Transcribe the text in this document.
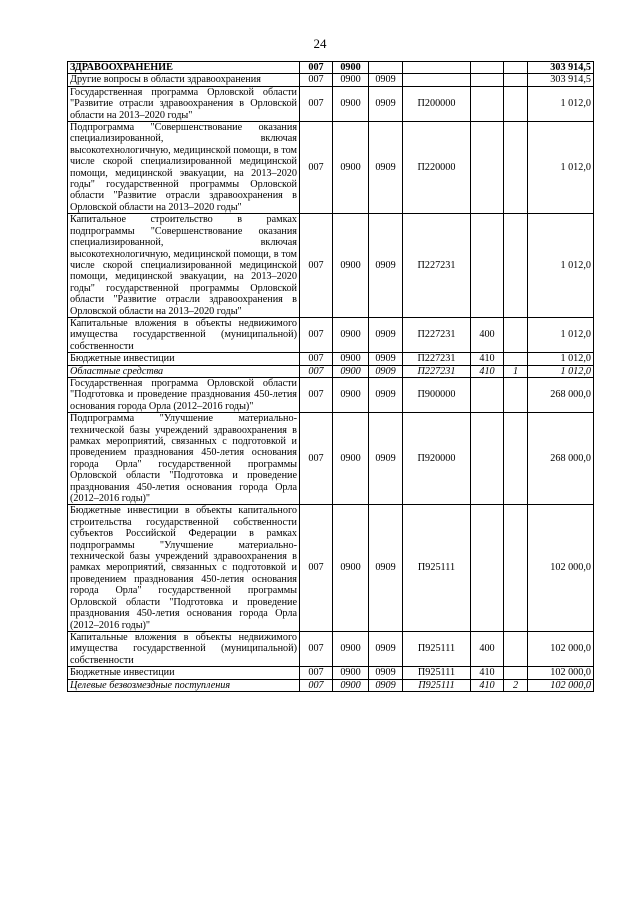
24
ЗДРАВООХРАНЕНИЕ	007	0900					303 914,5
Другие вопросы в области здравоохранения	007	0900	0909				303 914,5
Государственная программа Орловской области "Развитие отрасли здравоохранения в Орловской области на 2013–2020 годы"	007	0900	0909	П200000			1 012,0
Подпрограмма "Совершенствование оказания специализированной, включая высокотехнологичную, медицинской помощи, в том числе скорой специализированной медицинской помощи, медицинской эвакуации, на 2013–2020 годы" государственной программы Орловской области "Развитие отрасли здравоохранения в Орловской области на 2013–2020 годы"	007	0900	0909	П220000			1 012,0
Капитальное строительство в рамках подпрограммы "Совершенствование оказания специализированной, включая высокотехнологичную, медицинской помощи, в том числе скорой специализированной медицинской помощи, медицинской эвакуации, на 2013–2020 годы" государственной программы Орловской области "Развитие отрасли здравоохранения в Орловской области на 2013–2020 годы"	007	0900	0909	П227231			1 012,0
Капитальные вложения в объекты недвижимого имущества государственной (муниципальной) собственности	007	0900	0909	П227231	400		1 012,0
Бюджетные инвестиции	007	0900	0909	П227231	410		1 012,0
Областные средства	007	0900	0909	П227231	410	1	1 012,0
Государственная программа Орловской области "Подготовка и проведение празднования 450-летия основания города Орла (2012–2016 годы)"	007	0900	0909	П900000			268 000,0
Подпрограмма "Улучшение материально-технической базы учреждений здравоохранения в рамках мероприятий, связанных с подготовкой и проведением празднования 450-летия основания города Орла" государственной программы Орловской области "Подготовка и проведение празднования 450-летия основания города Орла (2012–2016 годы)"	007	0900	0909	П920000			268 000,0
Бюджетные инвестиции в объекты капитального строительства государственной собственности субъектов Российской Федерации в рамках подпрограммы "Улучшение материально-технической базы учреждений здравоохранения в рамках мероприятий, связанных с подготовкой и проведением празднования 450-летия основания города Орла" государственной программы Орловской области "Подготовка и проведение празднования 450-летия основания города Орла (2012–2016 годы)"	007	0900	0909	П925111			102 000,0
Капитальные вложения в объекты недвижимого имущества государственной (муниципальной) собственности	007	0900	0909	П925111	400		102 000,0
Бюджетные инвестиции	007	0900	0909	П925111	410		102 000,0
Целевые безвозмездные поступления	007	0900	0909	П925111	410	2	102 000,0
